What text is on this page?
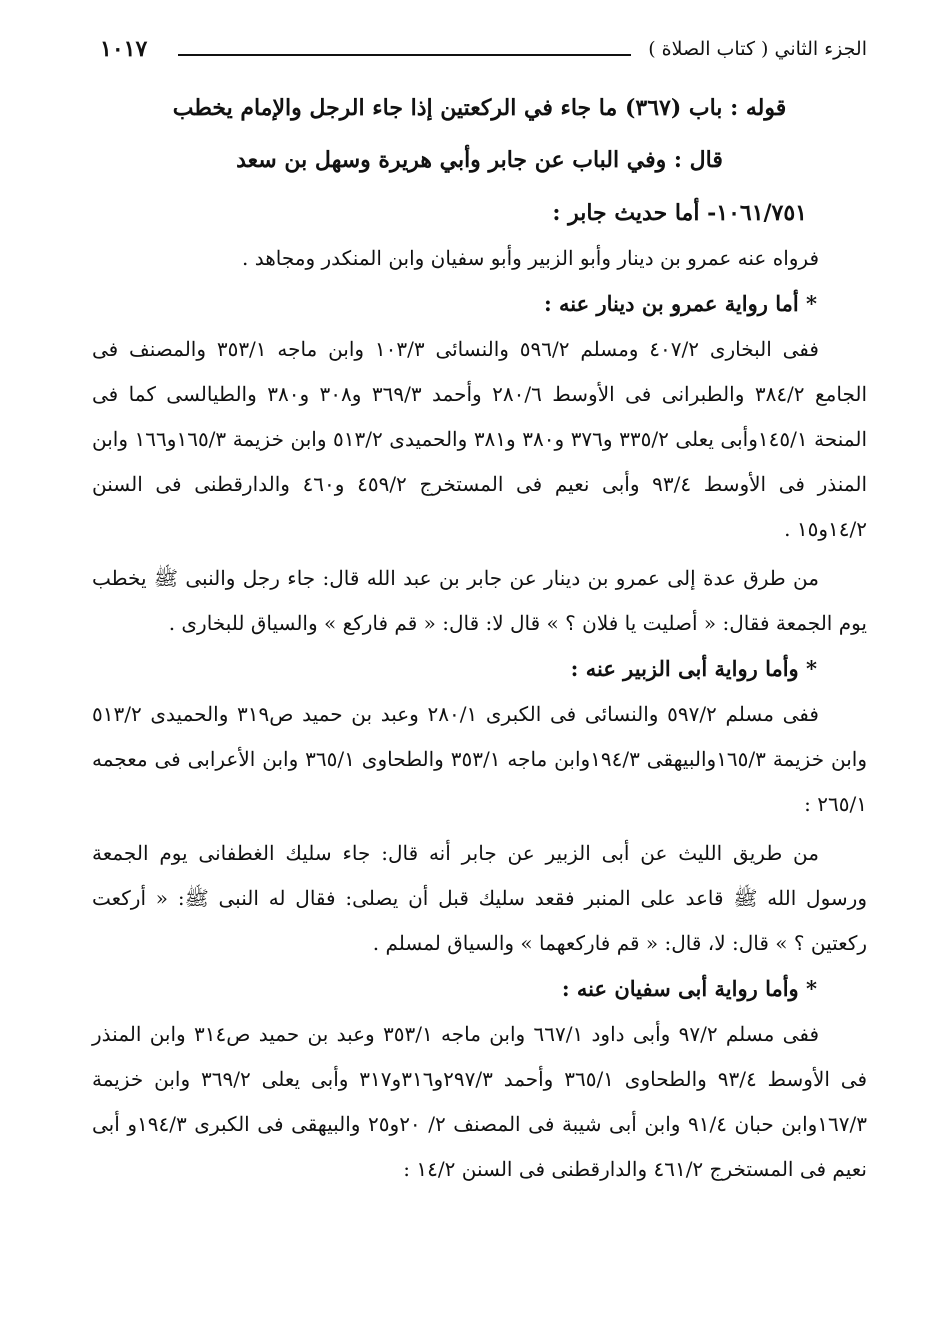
الجزء الثاني ( كتاب الصلاة )
١٠١٧
قوله : باب (٣٦٧) ما جاء في الركعتين إذا جاء الرجل والإمام يخطب
قال : وفي الباب عن جابر وأبي هريرة وسهل بن سعد
١٠٦١/٧٥١- أما حديث جابر :

فرواه عنه عمرو بن دينار وأبو الزبير وأبو سفيان وابن المنكدر ومجاهد .

* أما رواية عمرو بن دينار عنه :

ففى البخارى ٤٠٧/٢ ومسلم ٥٩٦/٢ والنسائى ١٠٣/٣ وابن ماجه ٣٥٣/١ والمصنف فى الجامع ٣٨٤/٢ والطبرانى فى الأوسط ٢٨٠/٦ وأحمد ٣٦٩/٣ و٣٠٨ و٣٨٠ والطيالسى كما فى المنحة ١٤٥/١وأبى يعلى ٣٣٥/٢ و٣٧٦ و٣٨٠ و٣٨١ والحميدى ٥١٣/٢ وابن خزيمة ١٦٥/٣و١٦٦ وابن المنذر فى الأوسط ٩٣/٤ وأبى نعيم فى المستخرج ٤٥٩/٢ و٤٦٠ والدارقطنى فى السنن ١٤/٢و١٥ .

من طرق عدة إلى عمرو بن دينار عن جابر بن عبد الله قال: جاء رجل والنبى ﷺ يخطب يوم الجمعة فقال: « أصليت يا فلان ؟ » قال لا: قال: « قم فاركع » والسياق للبخارى .

* وأما رواية أبى الزبير عنه :

ففى مسلم ٥٩٧/٢ والنسائى فى الكبرى ٢٨٠/١ وعبد بن حميد ص٣١٩ والحميدى ٥١٣/٢ وابن خزيمة ١٦٥/٣والبيهقى ١٩٤/٣وابن ماجه ٣٥٣/١ والطحاوى ٣٦٥/١ وابن الأعرابى فى معجمه ٢٦٥/١ :

من طريق الليث عن أبى الزبير عن جابر أنه قال: جاء سليك الغطفانى يوم الجمعة ورسول الله ﷺ قاعد على المنبر فقعد سليك قبل أن يصلى: فقال له النبى ﷺ: « أركعت ركعتين ؟ » قال: لا، قال: « قم فاركعهما » والسياق لمسلم .

* وأما رواية أبى سفيان عنه :

ففى مسلم ٩٧/٢ وأبى داود ٦٦٧/١ وابن ماجه ٣٥٣/١ وعبد بن حميد ص٣١٤ وابن المنذر فى الأوسط ٩٣/٤ والطحاوى ٣٦٥/١ وأحمد ٢٩٧/٣و٣١٦و٣١٧ وأبى يعلى ٣٦٩/٢ وابن خزيمة ١٦٧/٣وابن حبان ٩١/٤ وابن أبى شيبة فى المصنف ٢/ ٢٠و٢٥ والبيهقى فى الكبرى ١٩٤/٣و أبى نعيم فى المستخرج ٤٦١/٢ والدارقطنى فى السنن ١٤/٢ :
